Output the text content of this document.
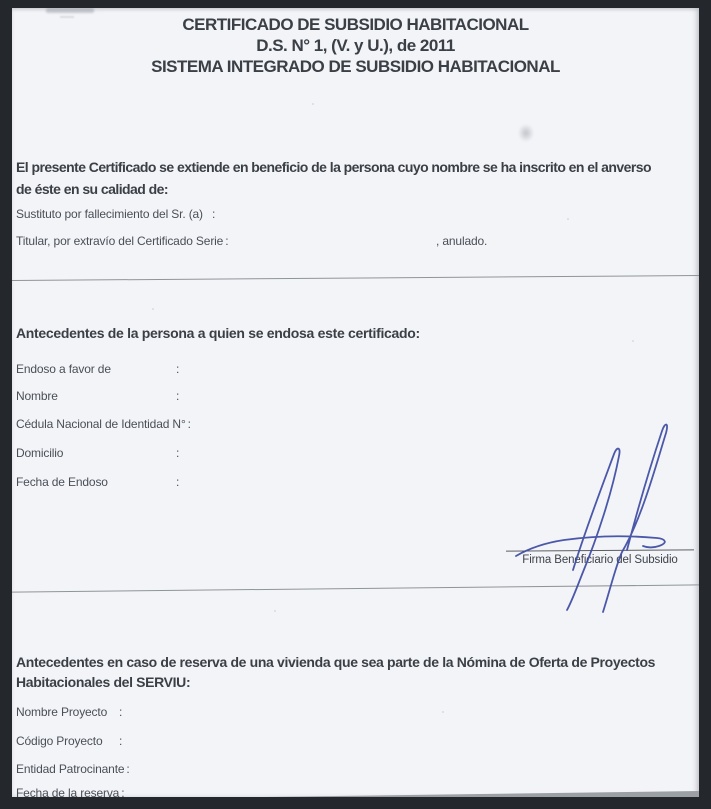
CERTIFICADO DE SUBSIDIO HABITACIONAL
D.S. N° 1, (V. y U.), de 2011
SISTEMA INTEGRADO DE SUBSIDIO HABITACIONAL
El presente Certificado se extiende en beneficio de la persona cuyo nombre se ha inscrito en el anverso
de éste en su calidad de:
Sustituto por fallecimiento del Sr. (a) :
Titular, por extravío del Certificado Serie :	, anulado.
Antecedentes de la persona a quien se endosa este certificado:
Endoso a favor de	:
Nombre	:
Cédula Nacional de Identidad N° :
Domicilio	:
Fecha de Endoso	:
Firma Beneficiario del Subsidio
Antecedentes en caso de reserva de una vivienda que sea parte de la Nómina de Oferta de Proyectos
Habitacionales del SERVIU:
Nombre Proyecto :
Código Proyecto	:
Entidad Patrocinante :
Fecha de la reserva :
